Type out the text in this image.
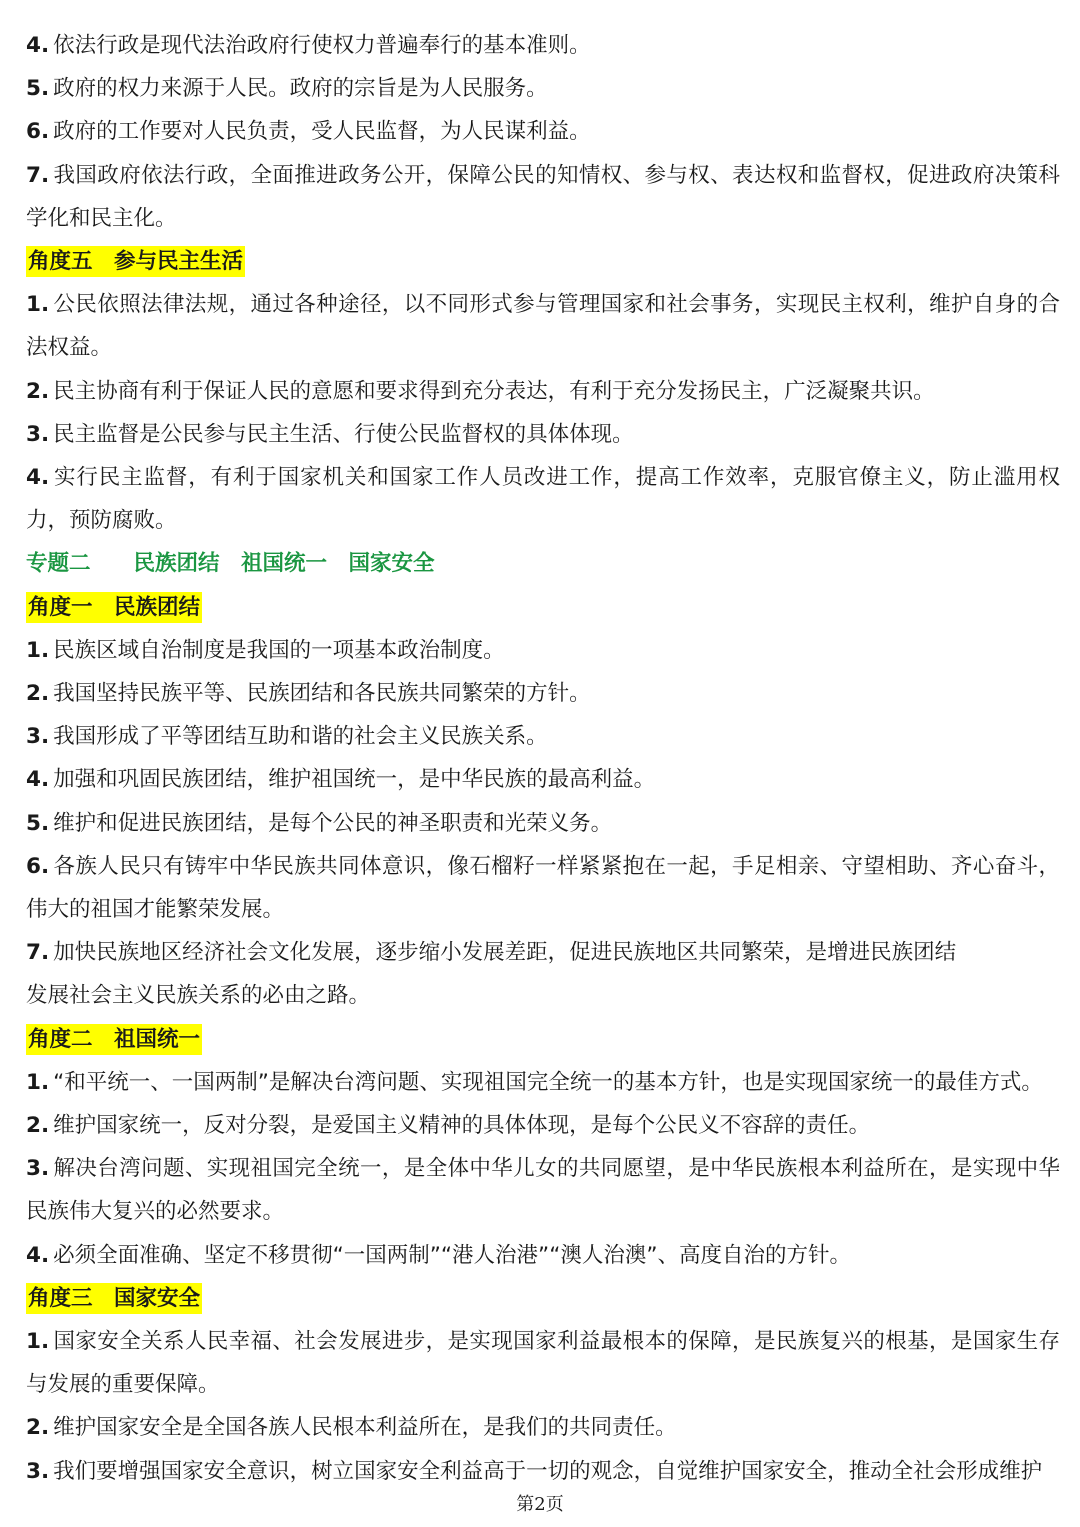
4. 依法行政是现代法治政府行使权力普遍奉行的基本准则。
5. 政府的权力来源于人民。政府的宗旨是为人民服务。
6. 政府的工作要对人民负责，受人民监督，为人民谋利益。
7. 我国政府依法行政，全面推进政务公开，保障公民的知情权、参与权、表达权和监督权，促进政府决策科学化和民主化。
角度五　参与民主生活
1. 公民依照法律法规，通过各种途径，以不同形式参与管理国家和社会事务，实现民主权利，维护自身的合法权益。
2. 民主协商有利于保证人民的意愿和要求得到充分表达，有利于充分发扬民主，广泛凝聚共识。
3. 民主监督是公民参与民主生活、行使公民监督权的具体体现。
4. 实行民主监督，有利于国家机关和国家工作人员改进工作，提高工作效率，克服官僚主义，防止滥用权力，预防腐败。
专题二　　民族团结　祖国统一　国家安全
角度一　民族团结
1. 民族区域自治制度是我国的一项基本政治制度。
2. 我国坚持民族平等、民族团结和各民族共同繁荣的方针。
3. 我国形成了平等团结互助和谐的社会主义民族关系。
4. 加强和巩固民族团结，维护祖国统一，是中华民族的最高利益。
5. 维护和促进民族团结，是每个公民的神圣职责和光荣义务。
6. 各族人民只有铸牢中华民族共同体意识，像石榴籽一样紧紧抱在一起，手足相亲、守望相助、齐心奋斗，伟大的祖国才能繁荣发展。
7. 加快民族地区经济社会文化发展，逐步缩小发展差距，促进民族地区共同繁荣，是增进民族团结
发展社会主义民族关系的必由之路。
角度二　祖国统一
1. “和平统一、一国两制”是解决台湾问题、实现祖国完全统一的基本方针，也是实现国家统一的最佳方式。
2. 维护国家统一，反对分裂，是爱国主义精神的具体体现，是每个公民义不容辞的责任。
3. 解决台湾问题、实现祖国完全统一，是全体中华儿女的共同愿望，是中华民族根本利益所在，是实现中华民族伟大复兴的必然要求。
4. 必须全面准确、坚定不移贯彻“一国两制”“港人治港”“澳人治澳”、高度自治的方针。
角度三　国家安全
1. 国家安全关系人民幸福、社会发展进步，是实现国家利益最根本的保障，是民族复兴的根基，是国家生存与发展的重要保障。
2. 维护国家安全是全国各族人民根本利益所在，是我们的共同责任。
3. 我们要增强国家安全意识，树立国家安全利益高于一切的观念，自觉维护国家安全，推动全社会形成维护
第2页
